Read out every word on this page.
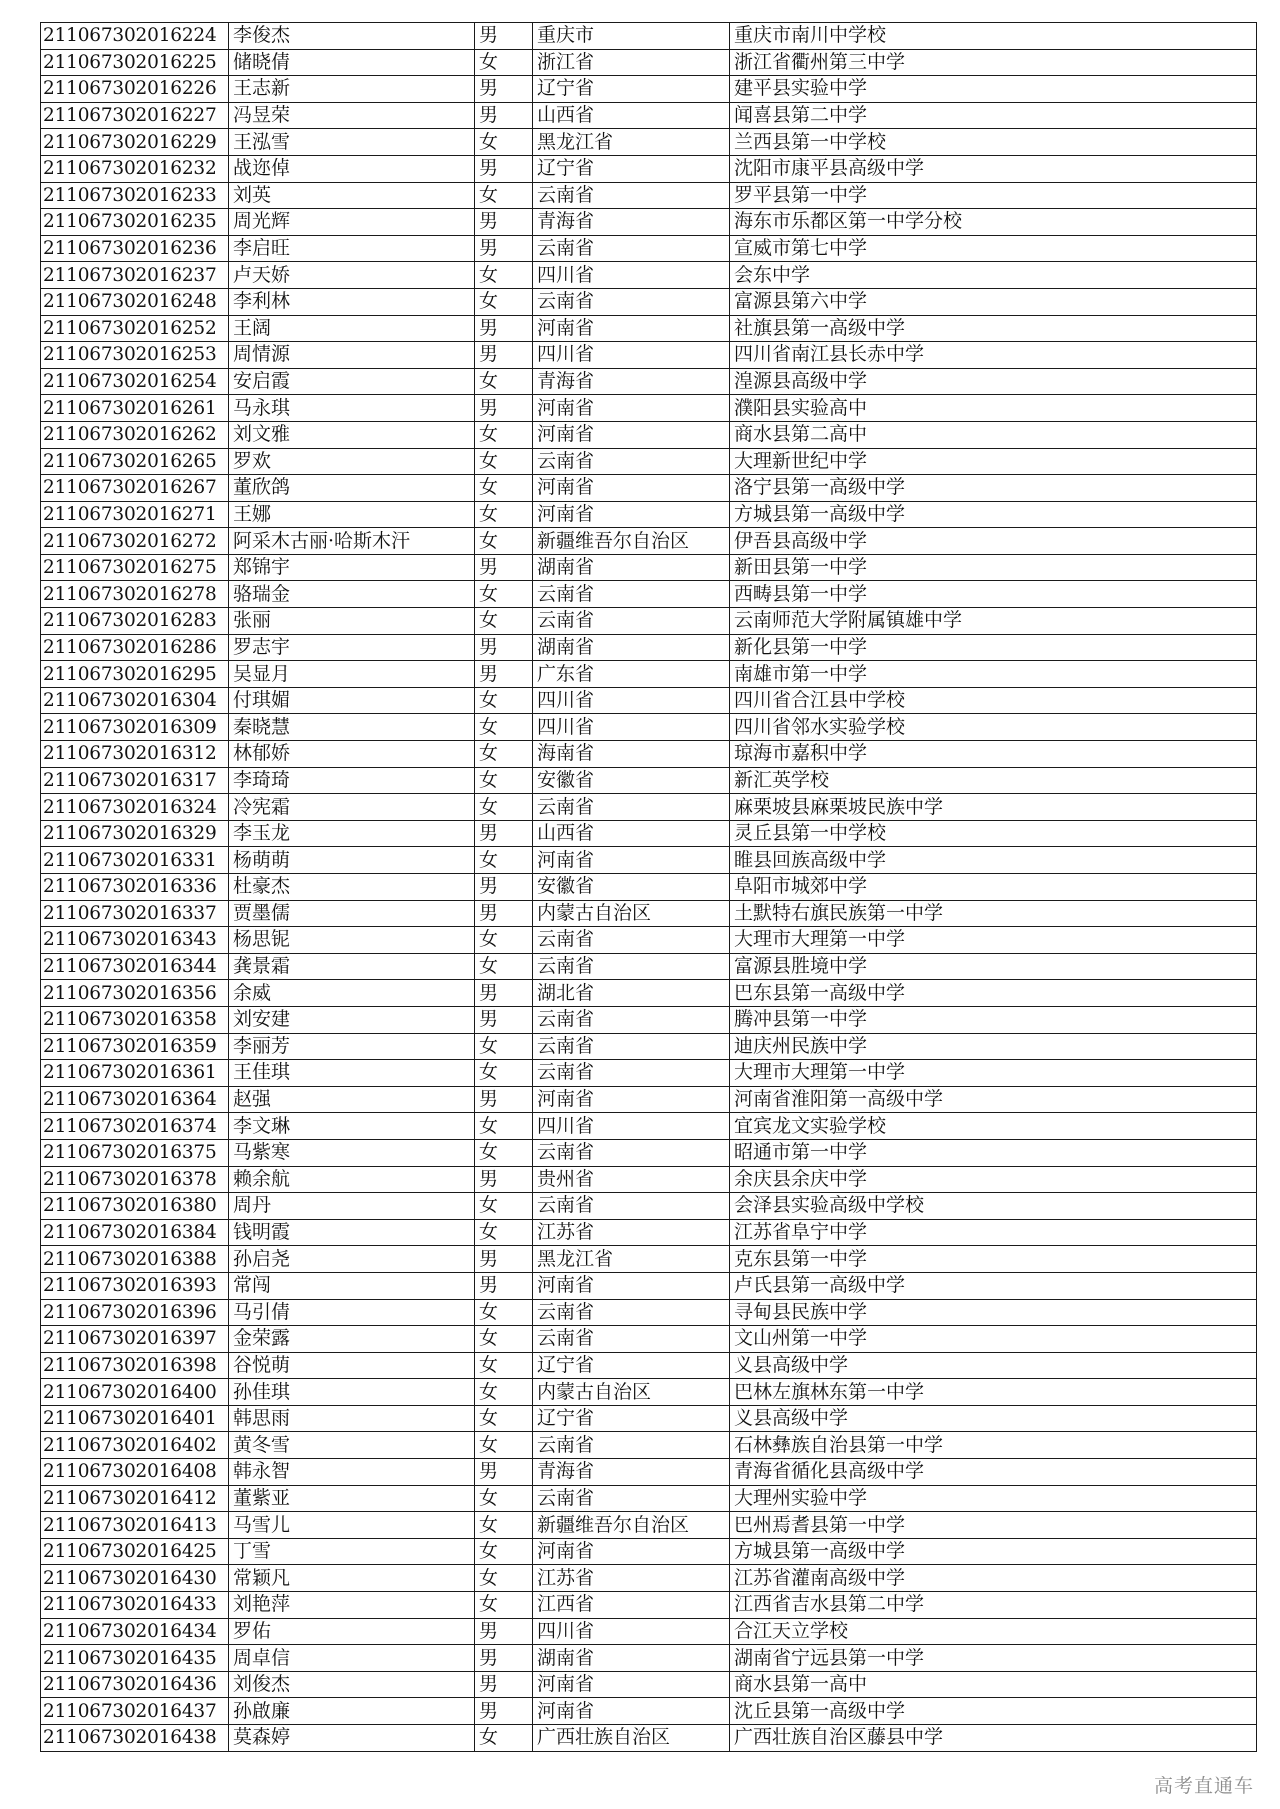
211067302016224	李俊杰	男	重庆市	重庆市南川中学校
211067302016225	储晓倩	女	浙江省	浙江省衢州第三中学
211067302016226	王志新	男	辽宁省	建平县实验中学
211067302016227	冯昱荣	男	山西省	闻喜县第二中学
211067302016229	王泓雪	女	黑龙江省	兰西县第一中学校
211067302016232	战迩倬	男	辽宁省	沈阳市康平县高级中学
211067302016233	刘英	女	云南省	罗平县第一中学
211067302016235	周光辉	男	青海省	海东市乐都区第一中学分校
211067302016236	李启旺	男	云南省	宣威市第七中学
211067302016237	卢天娇	女	四川省	会东中学
211067302016248	李利林	女	云南省	富源县第六中学
211067302016252	王阔	男	河南省	社旗县第一高级中学
211067302016253	周情源	男	四川省	四川省南江县长赤中学
211067302016254	安启霞	女	青海省	湟源县高级中学
211067302016261	马永琪	男	河南省	濮阳县实验高中
211067302016262	刘文雅	女	河南省	商水县第二高中
211067302016265	罗欢	女	云南省	大理新世纪中学
211067302016267	董欣鸽	女	河南省	洛宁县第一高级中学
211067302016271	王娜	女	河南省	方城县第一高级中学
211067302016272	阿采木古丽·哈斯木汗	女	新疆维吾尔自治区	伊吾县高级中学
211067302016275	郑锦宇	男	湖南省	新田县第一中学
211067302016278	骆瑞金	女	云南省	西畴县第一中学
211067302016283	张丽	女	云南省	云南师范大学附属镇雄中学
211067302016286	罗志宇	男	湖南省	新化县第一中学
211067302016295	吴显月	男	广东省	南雄市第一中学
211067302016304	付琪媚	女	四川省	四川省合江县中学校
211067302016309	秦晓慧	女	四川省	四川省邻水实验学校
211067302016312	林郁娇	女	海南省	琼海市嘉积中学
211067302016317	李琦琦	女	安徽省	新汇英学校
211067302016324	冷宪霜	女	云南省	麻栗坡县麻栗坡民族中学
211067302016329	李玉龙	男	山西省	灵丘县第一中学校
211067302016331	杨萌萌	女	河南省	睢县回族高级中学
211067302016336	杜豪杰	男	安徽省	阜阳市城郊中学
211067302016337	贾墨儒	男	内蒙古自治区	土默特右旗民族第一中学
211067302016343	杨思铌	女	云南省	大理市大理第一中学
211067302016344	龚景霜	女	云南省	富源县胜境中学
211067302016356	余威	男	湖北省	巴东县第一高级中学
211067302016358	刘安建	男	云南省	腾冲县第一中学
211067302016359	李丽芳	女	云南省	迪庆州民族中学
211067302016361	王佳琪	女	云南省	大理市大理第一中学
211067302016364	赵强	男	河南省	河南省淮阳第一高级中学
211067302016374	李文琳	女	四川省	宜宾龙文实验学校
211067302016375	马紫寒	女	云南省	昭通市第一中学
211067302016378	赖余航	男	贵州省	余庆县余庆中学
211067302016380	周丹	女	云南省	会泽县实验高级中学校
211067302016384	钱明霞	女	江苏省	江苏省阜宁中学
211067302016388	孙启尧	男	黑龙江省	克东县第一中学
211067302016393	常闯	男	河南省	卢氏县第一高级中学
211067302016396	马引倩	女	云南省	寻甸县民族中学
211067302016397	金荣露	女	云南省	文山州第一中学
211067302016398	谷悦萌	女	辽宁省	义县高级中学
211067302016400	孙佳琪	女	内蒙古自治区	巴林左旗林东第一中学
211067302016401	韩思雨	女	辽宁省	义县高级中学
211067302016402	黄冬雪	女	云南省	石林彝族自治县第一中学
211067302016408	韩永智	男	青海省	青海省循化县高级中学
211067302016412	董紫亚	女	云南省	大理州实验中学
211067302016413	马雪儿	女	新疆维吾尔自治区	巴州焉耆县第一中学
211067302016425	丁雪	女	河南省	方城县第一高级中学
211067302016430	常颖凡	女	江苏省	江苏省灌南高级中学
211067302016433	刘艳萍	女	江西省	江西省吉水县第二中学
211067302016434	罗佑	男	四川省	合江天立学校
211067302016435	周卓信	男	湖南省	湖南省宁远县第一中学
211067302016436	刘俊杰	男	河南省	商水县第一高中
211067302016437	孙啟廉	男	河南省	沈丘县第一高级中学
211067302016438	莫森婷	女	广西壮族自治区	广西壮族自治区藤县中学
高考直通车
